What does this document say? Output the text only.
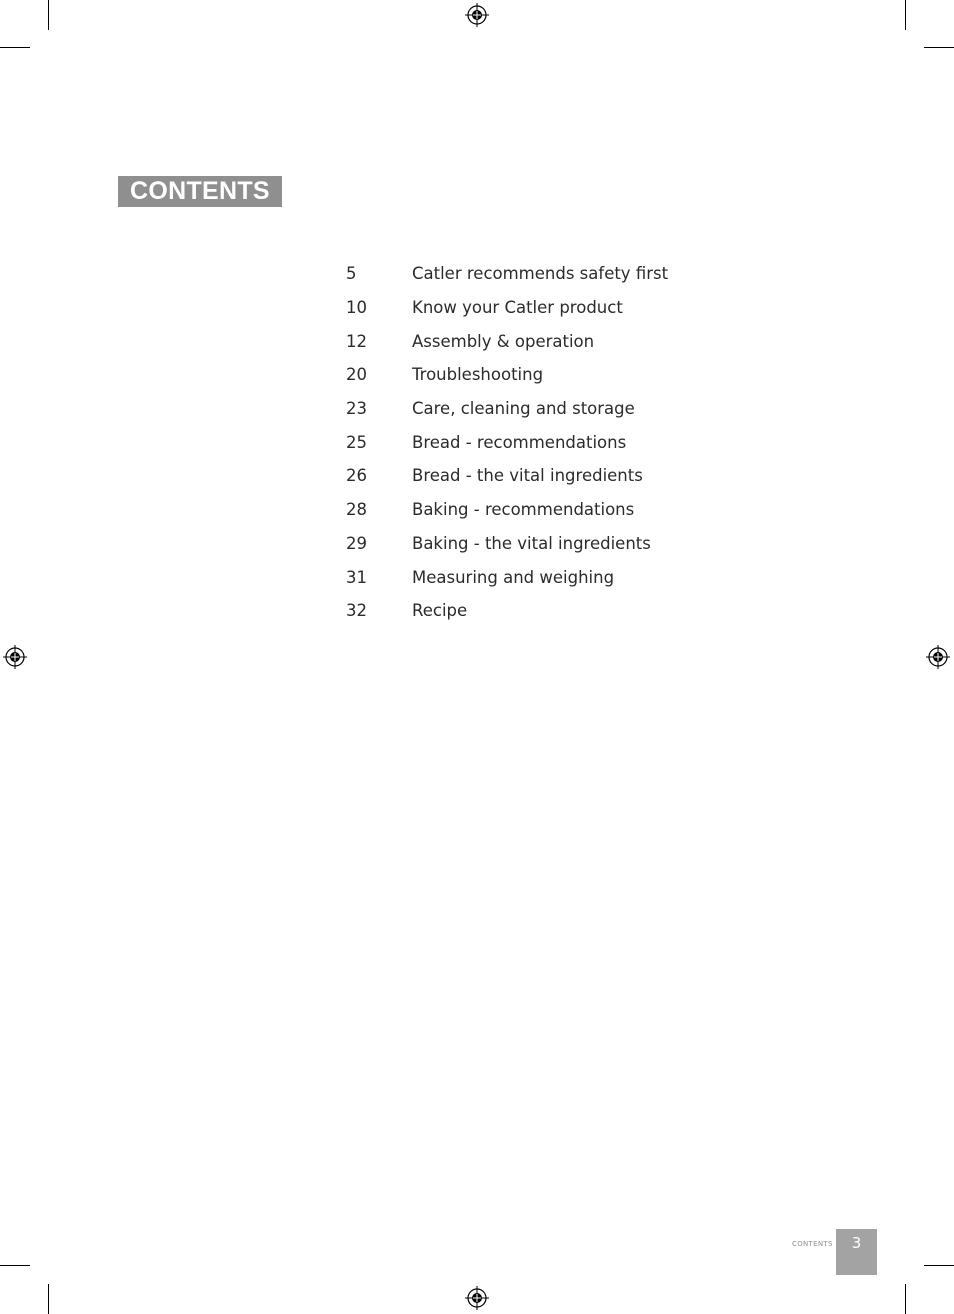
CONTENTS
5	Catler recommends safety first
10	Know your Catler product
12	Assembly & operation
20	Troubleshooting
23	Care, cleaning and storage
25	Bread - recommendations
26	Bread - the vital ingredients
28	Baking - recommendations
29	Baking - the vital ingredients
31	Measuring and weighing
32	Recipe
CONTENTS	3
